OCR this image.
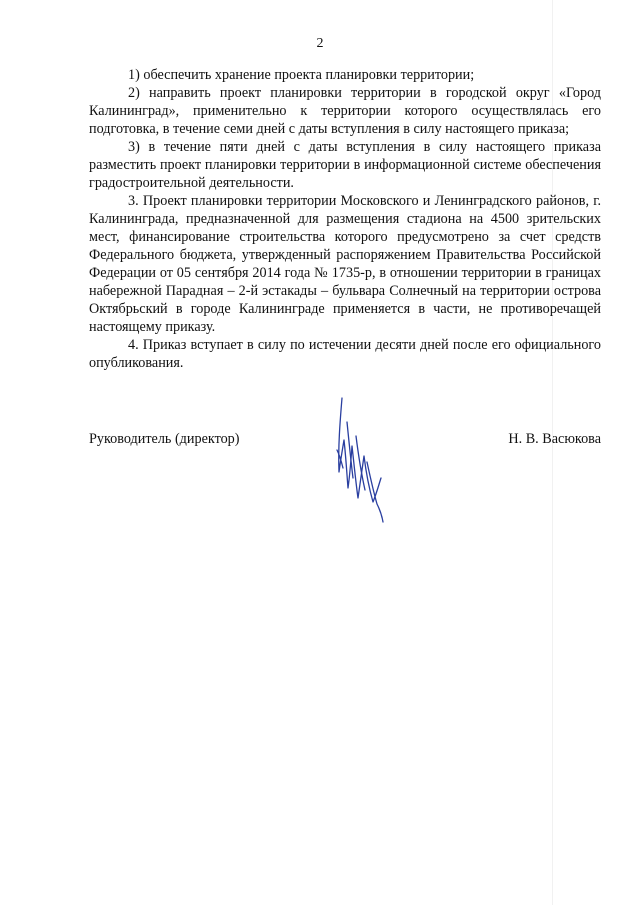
2

1) обеспечить хранение проекта планировки территории;

2) направить проект планировки территории в городской округ «Город Калининград», применительно к территории которого осуществлялась его подготовка, в течение семи дней с даты вступления в силу настоящего приказа;

3) в течение пяти дней с даты вступления в силу настоящего приказа разместить проект планировки территории в информационной системе обеспечения градостроительной деятельности.

3. Проект планировки территории Московского и Ленинградского районов, г. Калининграда, предназначенной для размещения стадиона на 4500 зрительских мест, финансирование строительства которого предусмотрено за счет средств Федерального бюджета, утвержденный распоряжением Правительства Российской Федерации от 05 сентября 2014 года № 1735-р, в отношении территории в границах набережной Парадная – 2-й эстакады – бульвара Солнечный на территории острова Октябрьский в городе Калининграде применяется в части, не противоречащей настоящему приказу.

4. Приказ вступает в силу по истечении десяти дней после его официального опубликования.

Руководитель (директор)	Н. В. Васюкова
